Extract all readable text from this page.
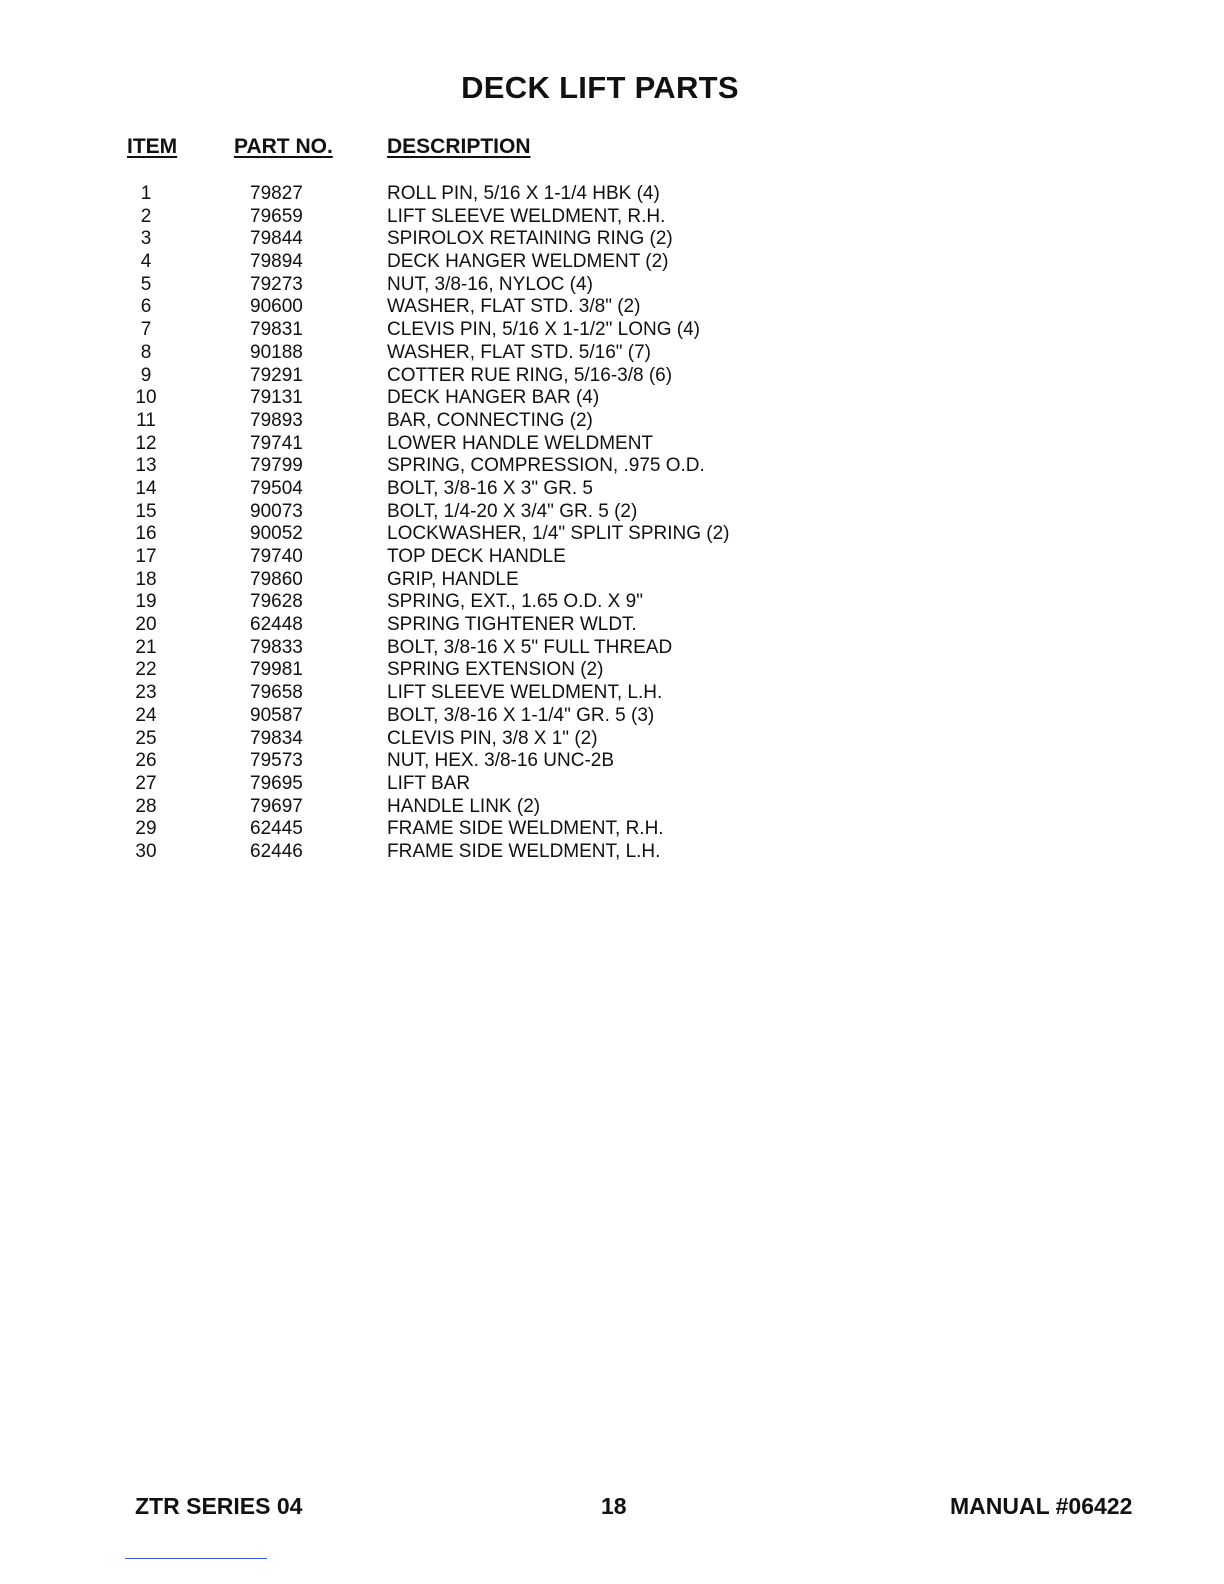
DECK LIFT PARTS
ITEM	PART NO.	DESCRIPTION
1	79827	ROLL PIN, 5/16 X 1-1/4 HBK (4)
2	79659	LIFT SLEEVE WELDMENT, R.H.
3	79844	SPIROLOX RETAINING RING (2)
4	79894	DECK HANGER WELDMENT (2)
5	79273	NUT, 3/8-16, NYLOC (4)
6	90600	WASHER, FLAT STD. 3/8" (2)
7	79831	CLEVIS PIN, 5/16 X 1-1/2" LONG (4)
8	90188	WASHER, FLAT STD. 5/16" (7)
9	79291	COTTER RUE RING, 5/16-3/8 (6)
10	79131	DECK HANGER BAR (4)
11	79893	BAR, CONNECTING (2)
12	79741	LOWER HANDLE WELDMENT
13	79799	SPRING, COMPRESSION, .975 O.D.
14	79504	BOLT, 3/8-16 X 3" GR. 5
15	90073	BOLT, 1/4-20 X 3/4" GR. 5 (2)
16	90052	LOCKWASHER, 1/4" SPLIT SPRING (2)
17	79740	TOP DECK HANDLE
18	79860	GRIP, HANDLE
19	79628	SPRING, EXT., 1.65 O.D. X 9"
20	62448	SPRING TIGHTENER WLDT.
21	79833	BOLT, 3/8-16 X 5" FULL THREAD
22	79981	SPRING EXTENSION (2)
23	79658	LIFT SLEEVE WELDMENT, L.H.
24	90587	BOLT, 3/8-16 X 1-1/4" GR. 5 (3)
25	79834	CLEVIS PIN, 3/8 X 1" (2)
26	79573	NUT, HEX. 3/8-16 UNC-2B
27	79695	LIFT BAR
28	79697	HANDLE LINK (2)
29	62445	FRAME SIDE WELDMENT, R.H.
30	62446	FRAME SIDE WELDMENT, L.H.
ZTR SERIES 04	18	MANUAL #06422
